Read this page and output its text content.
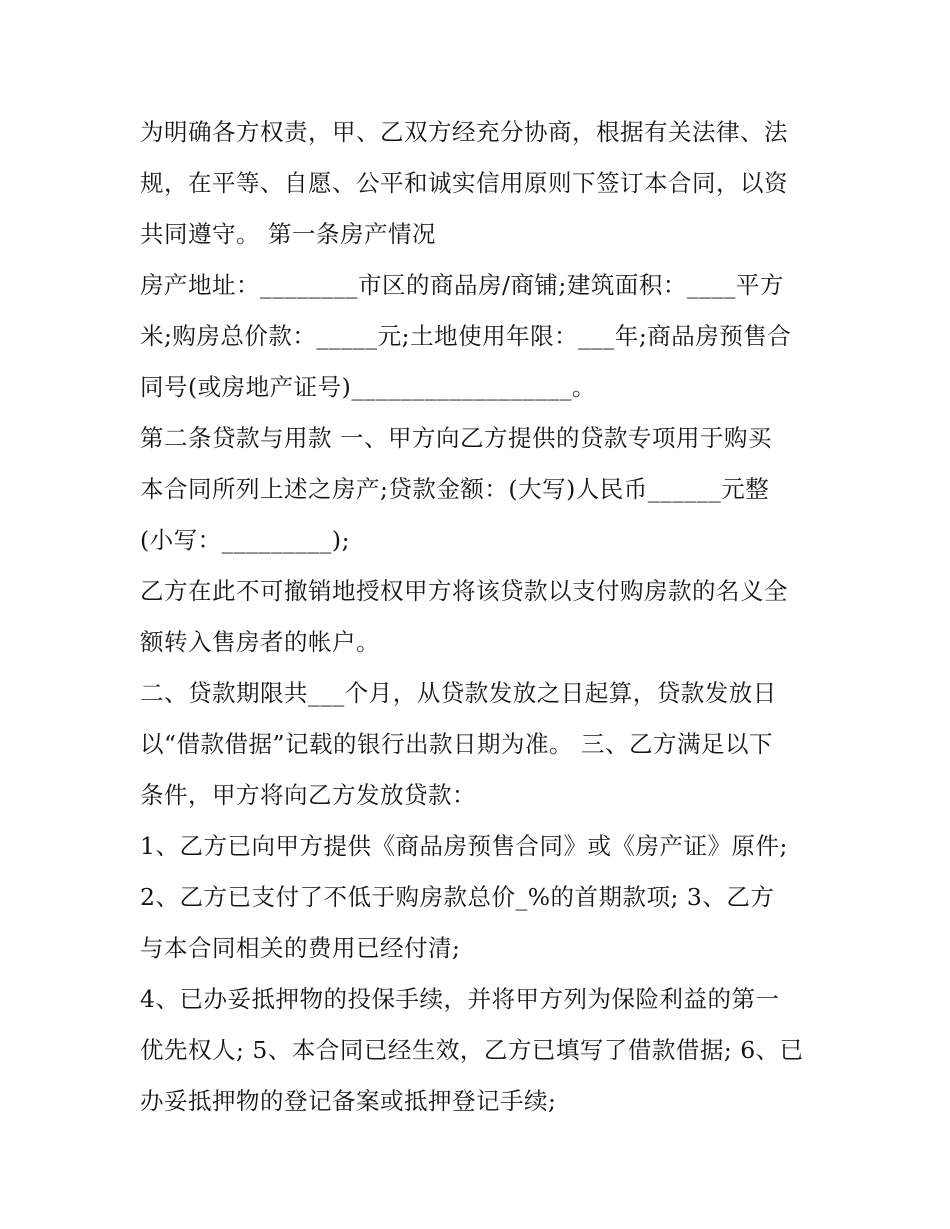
为明确各方权责，甲、乙双方经充分协商，根据有关法律、法
规，在平等、自愿、公平和诚实信用原则下签订本合同，以资
共同遵守。 第一条房产情况
房产地址：________市区的商品房/商铺;建筑面积：____平方
米;购房总价款：_____元;土地使用年限：___年;商品房预售合
同号(或房地产证号)__________________。
第二条贷款与用款 一、甲方向乙方提供的贷款专项用于购买
本合同所列上述之房产;贷款金额：(大写)人民币______元整
(小写：_________);
乙方在此不可撤销地授权甲方将该贷款以支付购房款的名义全
额转入售房者的帐户。
二、贷款期限共___个月，从贷款发放之日起算，贷款发放日
以“借款借据”记载的银行出款日期为准。 三、乙方满足以下
条件，甲方将向乙方发放贷款：
1、乙方已向甲方提供《商品房预售合同》或《房产证》原件;
2、乙方已支付了不低于购房款总价_%的首期款项; 3、乙方
与本合同相关的费用已经付清;
4、已办妥抵押物的投保手续，并将甲方列为保险利益的第一
优先权人; 5、本合同已经生效，乙方已填写了借款借据; 6、已
办妥抵押物的登记备案或抵押登记手续;
